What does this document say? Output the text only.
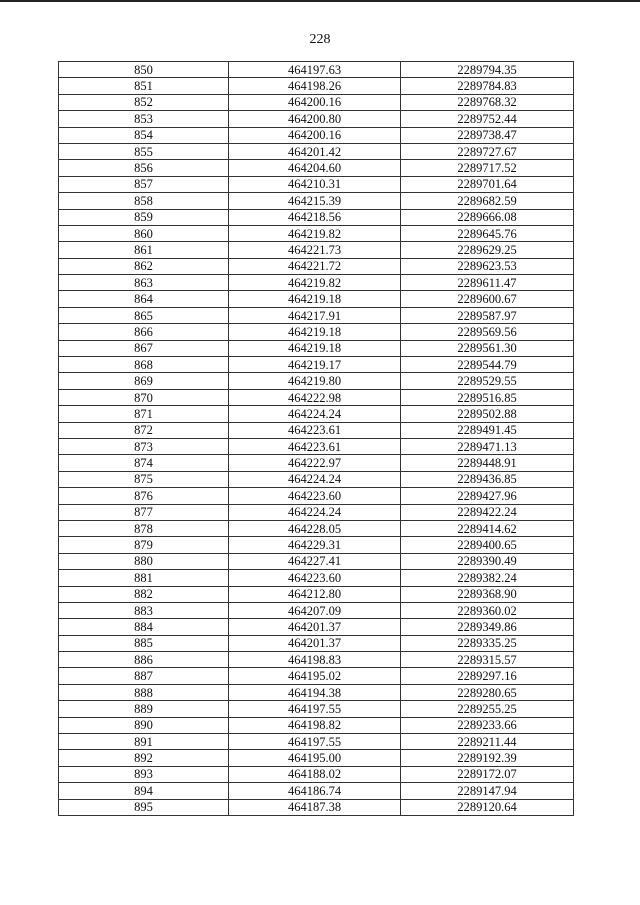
228
850	464197.63	2289794.35
851	464198.26	2289784.83
852	464200.16	2289768.32
853	464200.80	2289752.44
854	464200.16	2289738.47
855	464201.42	2289727.67
856	464204.60	2289717.52
857	464210.31	2289701.64
858	464215.39	2289682.59
859	464218.56	2289666.08
860	464219.82	2289645.76
861	464221.73	2289629.25
862	464221.72	2289623.53
863	464219.82	2289611.47
864	464219.18	2289600.67
865	464217.91	2289587.97
866	464219.18	2289569.56
867	464219.18	2289561.30
868	464219.17	2289544.79
869	464219.80	2289529.55
870	464222.98	2289516.85
871	464224.24	2289502.88
872	464223.61	2289491.45
873	464223.61	2289471.13
874	464222.97	2289448.91
875	464224.24	2289436.85
876	464223.60	2289427.96
877	464224.24	2289422.24
878	464228.05	2289414.62
879	464229.31	2289400.65
880	464227.41	2289390.49
881	464223.60	2289382.24
882	464212.80	2289368.90
883	464207.09	2289360.02
884	464201.37	2289349.86
885	464201.37	2289335.25
886	464198.83	2289315.57
887	464195.02	2289297.16
888	464194.38	2289280.65
889	464197.55	2289255.25
890	464198.82	2289233.66
891	464197.55	2289211.44
892	464195.00	2289192.39
893	464188.02	2289172.07
894	464186.74	2289147.94
895	464187.38	2289120.64
